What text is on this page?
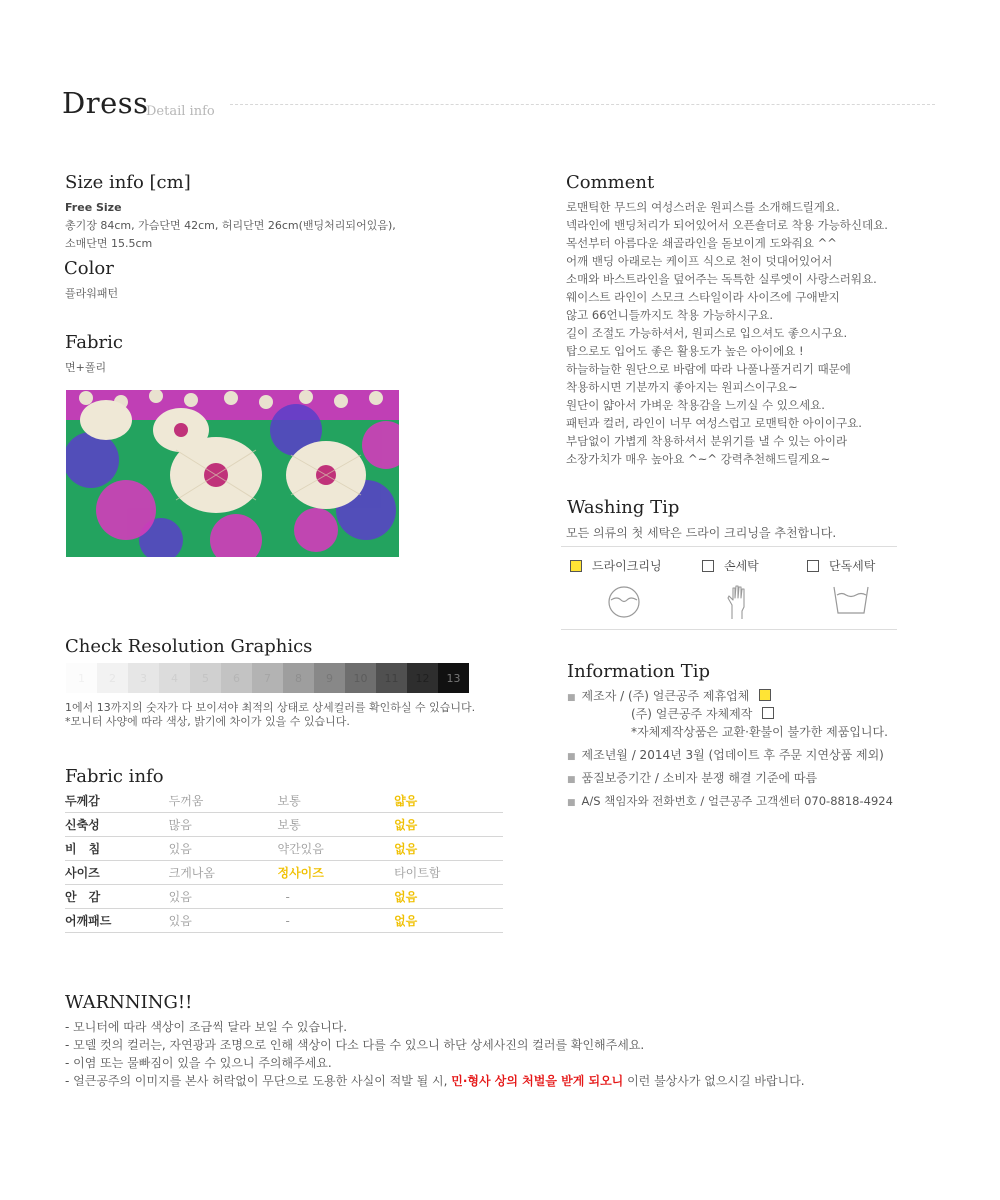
Dress
Detail info
Size info [cm]
Free Size
총기장 84cm, 가슴단면 42cm, 허리단면 26cm(밴딩처리되어있음),
소매단면 15.5cm
Color
플라워패턴
Fabric
면+폴리
Check Resolution Graphics
1	2	3	4	5	6	7	8	9	10	11	12	13
1에서 13까지의 숫자가 다 보이셔야 최적의 상태로 상세컬러를 확인하실 수 있습니다.
*모니터 사양에 따라 색상, 밝기에 차이가 있을 수 있습니다.
Fabric info
두께감	두꺼움	보통	얇음
신축성	많음	보통	없음
비　침	있음	약간있음	없음
사이즈	크게나옴	정사이즈	타이트함
안　감	있음	-	없음
어깨패드	있음	-	없음
Comment
로맨틱한 무드의 여성스러운 원피스를 소개해드릴게요.
넥라인에 밴딩처리가 되어있어서 오픈숄더로 착용 가능하신데요.
목선부터 아름다운 쇄골라인을 돋보이게 도와줘요 ^^
어깨 밴딩 아래로는 케이프 식으로 천이 덧대어있어서
소매와 바스트라인을 덮어주는 독특한 실루엣이 사랑스러워요.
웨이스트 라인이 스모크 스타일이라 사이즈에 구애받지
않고 66언니들까지도 착용 가능하시구요.
길이 조절도 가능하셔서, 원피스로 입으셔도 좋으시구요.
탑으로도 입어도 좋은 활용도가 높은 아이에요 !
하늘하늘한 원단으로 바람에 따라 나풀나풀거리기 때문에
착용하시면 기분까지 좋아지는 원피스이구요~
원단이 얇아서 가벼운 착용감을 느끼실 수 있으세요.
패턴과 컬러, 라인이 너무 여성스럽고 로맨틱한 아이이구요.
부담없이 가볍게 착용하셔서 분위기를 낼 수 있는 아이라
소장가치가 매우 높아요 ^~^ 강력추천해드릴게요~
Washing Tip
모든 의류의 첫 세탁은 드라이 크리닝을 추천합니다.
드라이크리닝	손세탁	단독세탁
Information Tip
■ 제조자 / (주) 얼큰공주 제휴업체
(주) 얼큰공주 자체제작
*자체제작상품은 교환·환불이 불가한 제품입니다.
■ 제조년월 / 2014년 3월 (업데이트 후 주문 지연상품 제외)
■ 품질보증기간 / 소비자 분쟁 해결 기준에 따름
■ A/S 책임자와 전화번호 / 얼큰공주 고객센터 070-8818-4924
WARNNING!!
- 모니터에 따라 색상이 조금씩 달라 보일 수 있습니다.
- 모델 컷의 컬러는, 자연광과 조명으로 인해 색상이 다소 다를 수 있으니 하단 상세사진의 컬러를 확인해주세요.
- 이염 또는 물빠짐이 있을 수 있으니 주의해주세요.
- 얼큰공주의 이미지를 본사 허락없이 무단으로 도용한 사실이 적발 될 시, 민·형사 상의 처벌을 받게 되오니 이런 불상사가 없으시길 바랍니다.
